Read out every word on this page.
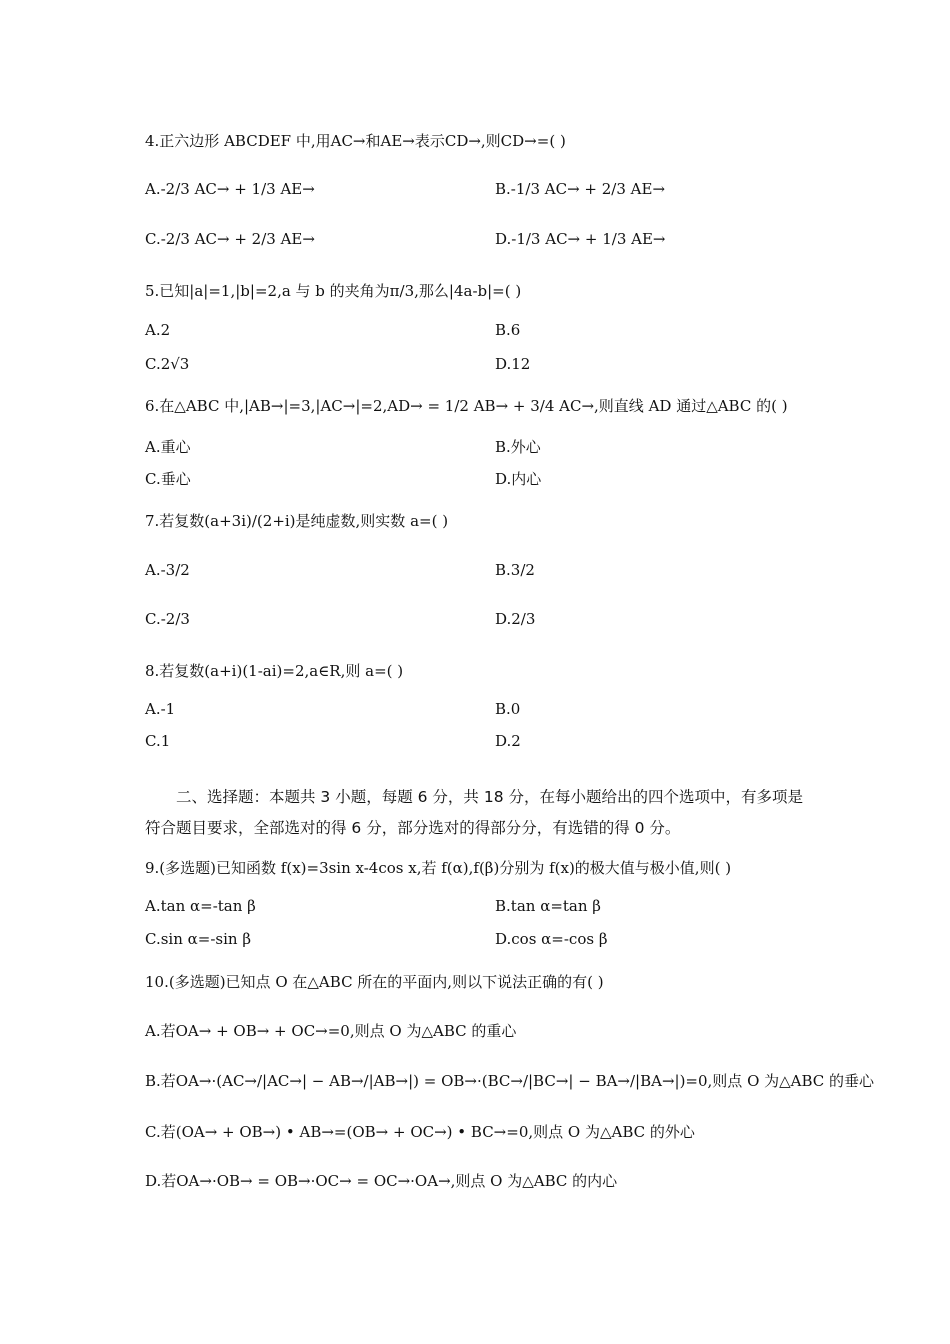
4.正六边形 ABCDEF 中,用AC→和AE→表示CD→,则CD→=( )
A.-2/3 AC→ + 1/3 AE→	B.-1/3 AC→ + 2/3 AE→
C.-2/3 AC→ + 2/3 AE→	D.-1/3 AC→ + 1/3 AE→
5.已知|a|=1,|b|=2,a 与 b 的夹角为π/3,那么|4a-b|=( )
A.2	B.6
C.2√3	D.12
6.在△ABC 中,|AB→|=3,|AC→|=2,AD→ = 1/2 AB→ + 3/4 AC→,则直线 AD 通过△ABC 的( )
A.重心	B.外心
C.垂心	D.内心
7.若复数(a+3i)/(2+i)是纯虚数,则实数 a=( )
A.-3/2	B.3/2
C.-2/3	D.2/3
8.若复数(a+i)(1-ai)=2,a∈R,则 a=( )
A.-1	B.0
C.1	D.2
二、选择题：本题共 3 小题，每题 6 分，共 18 分，在每小题给出的四个选项中，有多项是符合题目要求，全部选对的得 6 分，部分选对的得部分分，有选错的得 0 分。
9.(多选题)已知函数 f(x)=3sin x-4cos x,若 f(α),f(β)分别为 f(x)的极大值与极小值,则( )
A.tan α=-tan β	B.tan α=tan β
C.sin α=-sin β	D.cos α=-cos β
10.(多选题)已知点 O 在△ABC 所在的平面内,则以下说法正确的有( )
A.若OA→ + OB→ + OC→=0,则点 O 为△ABC 的重心
B.若OA→·(AC→/|AC→| − AB→/|AB→|) = OB→·(BC→/|BC→| − BA→/|BA→|)=0,则点 O 为△ABC 的垂心
C.若(OA→ + OB→) • AB→=(OB→ + OC→) • BC→=0,则点 O 为△ABC 的外心
D.若OA→·OB→ = OB→·OC→ = OC→·OA→,则点 O 为△ABC 的内心
